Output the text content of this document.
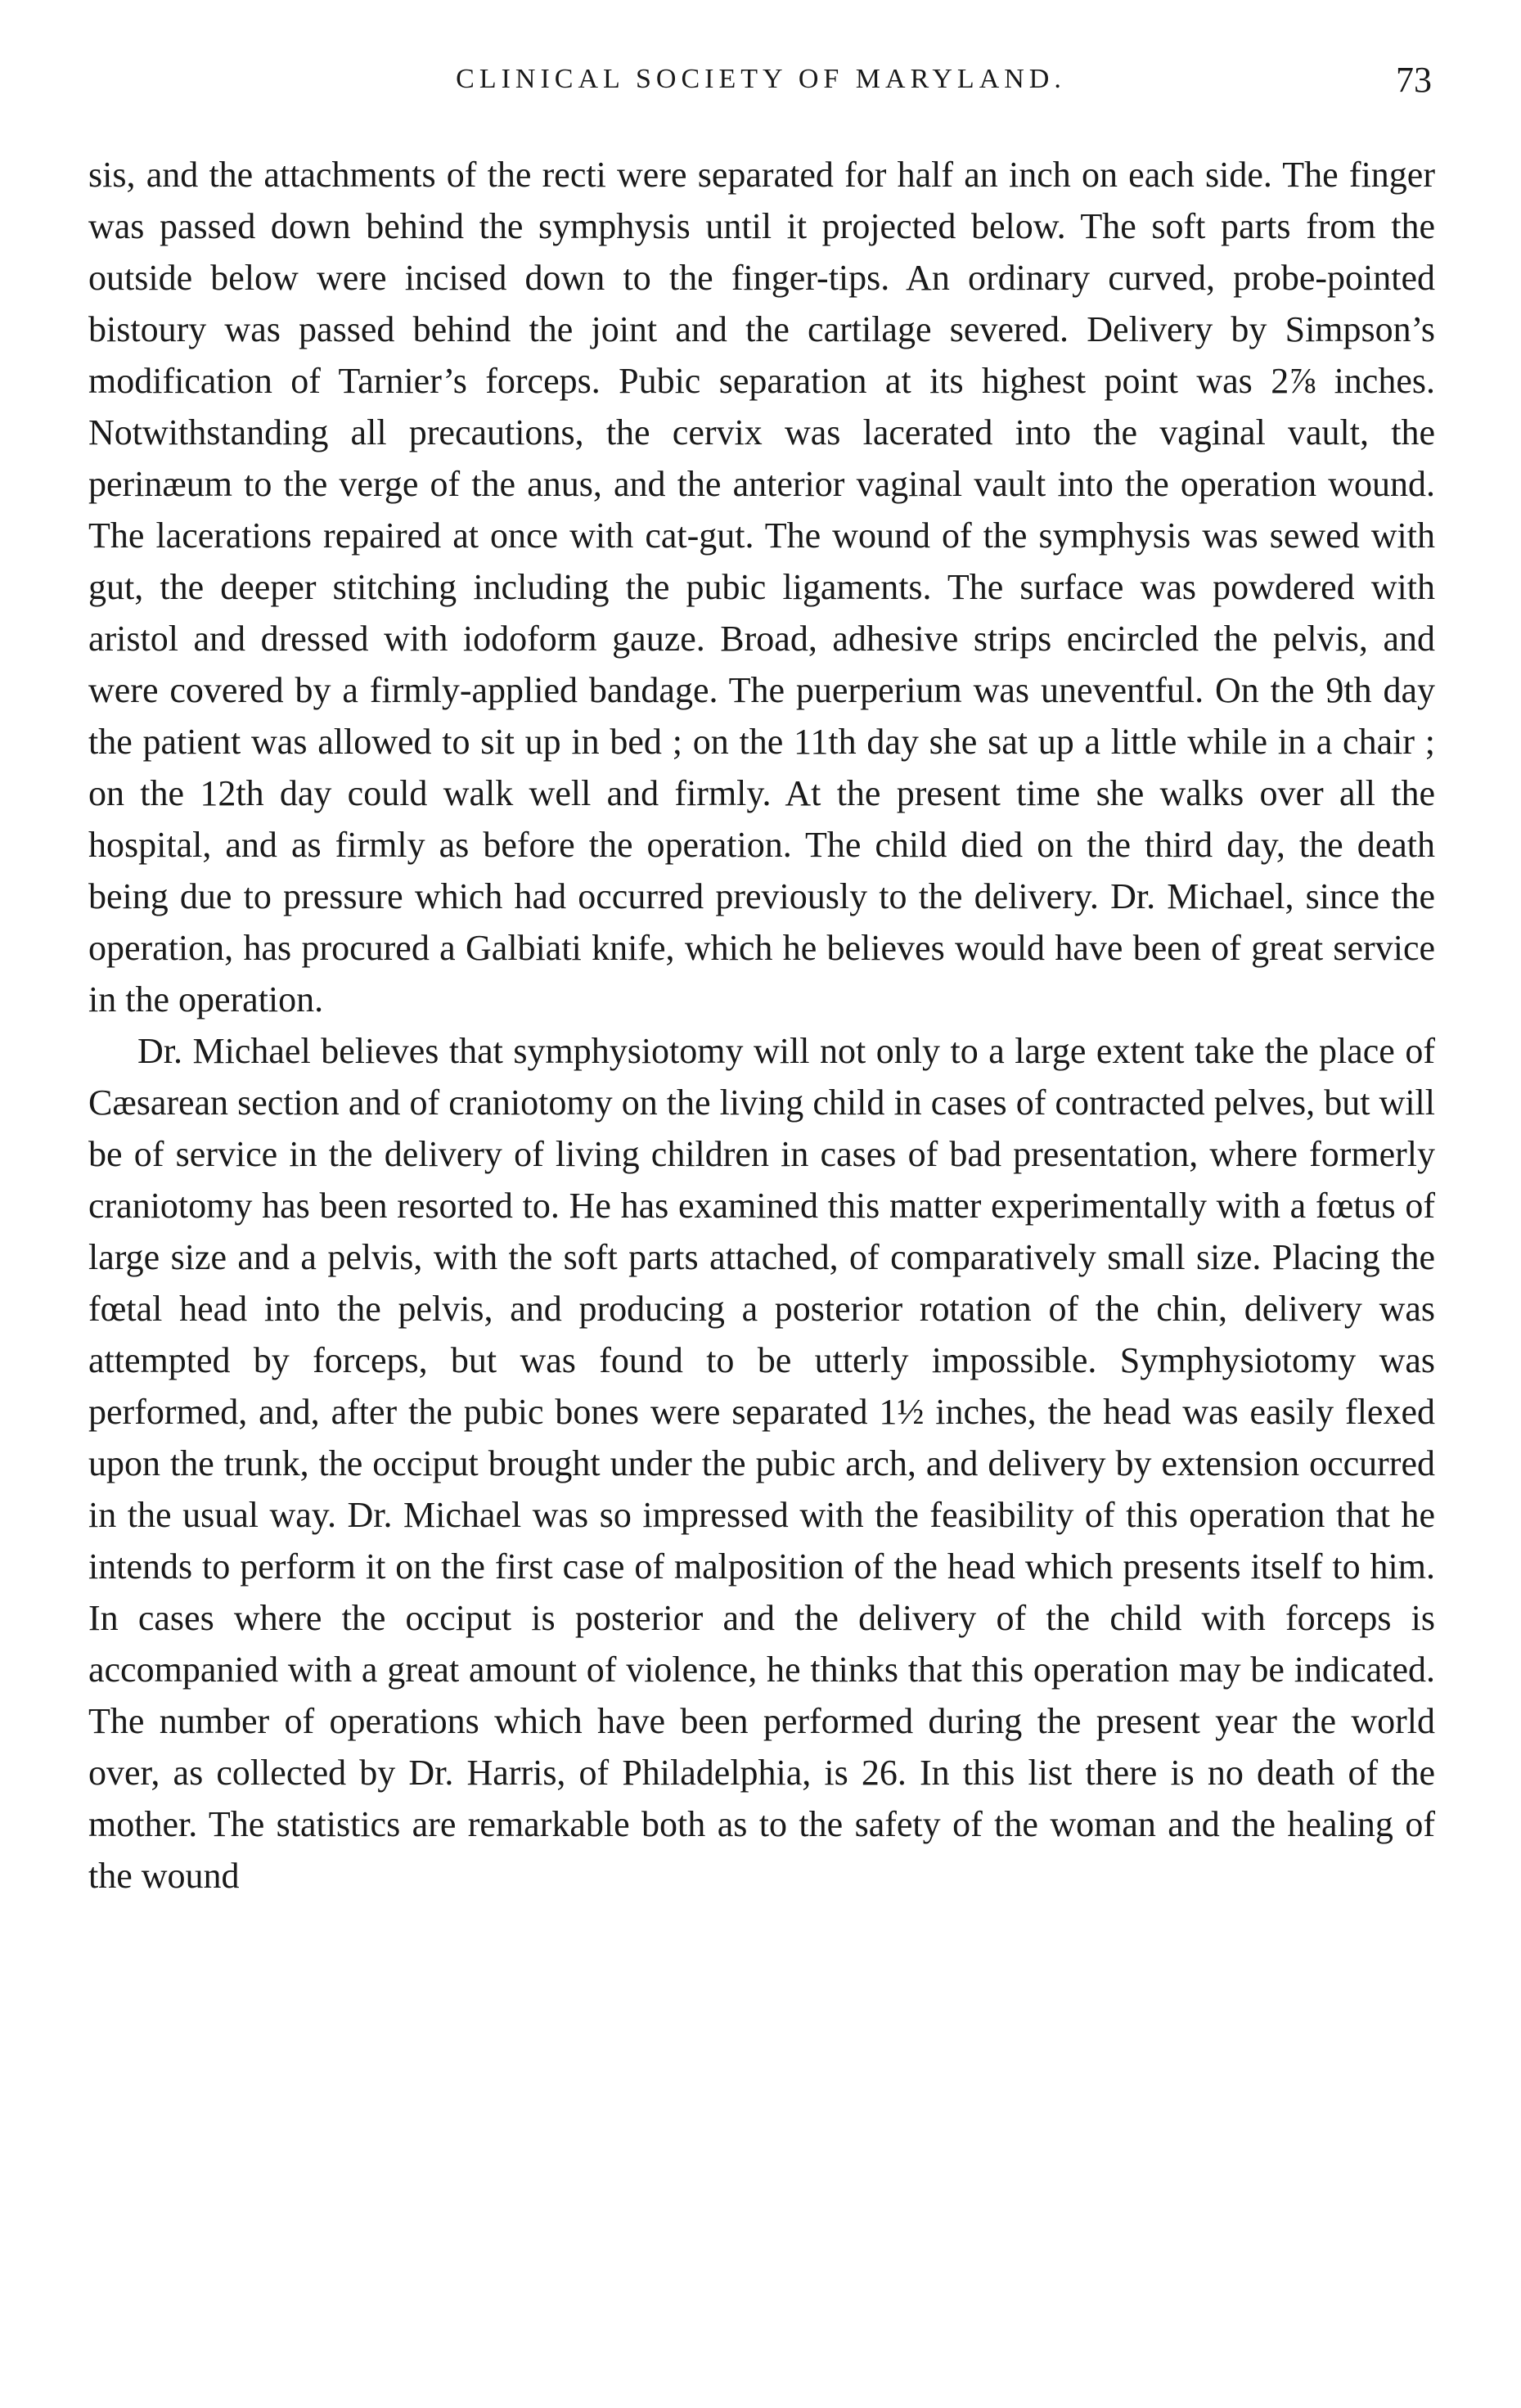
CLINICAL SOCIETY OF MARYLAND.	73

sis, and the attachments of the recti were separated for half an inch on each side. The finger was passed down behind the symphysis until it projected below. The soft parts from the outside below were incised down to the finger-tips. An ordinary curved, probe-pointed bistoury was passed behind the joint and the cartilage severed. Delivery by Simpson’s modification of Tarnier’s forceps. Pubic separation at its highest point was 2⅞ inches. Notwithstanding all precautions, the cervix was lacerated into the vaginal vault, the perinæum to the verge of the anus, and the anterior vaginal vault into the operation wound. The lacerations repaired at once with cat-gut. The wound of the symphysis was sewed with gut, the deeper stitching including the pubic ligaments. The surface was powdered with aristol and dressed with iodoform gauze. Broad, adhesive strips encircled the pelvis, and were covered by a firmly-applied bandage. The puerperium was uneventful. On the 9th day the patient was allowed to sit up in bed ; on the 11th day she sat up a little while in a chair ; on the 12th day could walk well and firmly. At the present time she walks over all the hospital, and as firmly as before the operation. The child died on the third day, the death being due to pressure which had occurred previously to the delivery. Dr. Michael, since the operation, has procured a Galbiati knife, which he believes would have been of great service in the operation.

Dr. Michael believes that symphysiotomy will not only to a large extent take the place of Cæsarean section and of craniotomy on the living child in cases of contracted pelves, but will be of service in the delivery of living children in cases of bad presentation, where formerly craniotomy has been resorted to. He has examined this matter experimentally with a fœtus of large size and a pelvis, with the soft parts attached, of comparatively small size. Placing the fœtal head into the pelvis, and producing a posterior rotation of the chin, delivery was attempted by forceps, but was found to be utterly impossible. Symphysiotomy was performed, and, after the pubic bones were separated 1½ inches, the head was easily flexed upon the trunk, the occiput brought under the pubic arch, and delivery by extension occurred in the usual way. Dr. Michael was so impressed with the feasibility of this operation that he intends to perform it on the first case of malposition of the head which presents itself to him. In cases where the occiput is posterior and the delivery of the child with forceps is accompanied with a great amount of violence, he thinks that this operation may be indicated. The number of operations which have been performed during the present year the world over, as collected by Dr. Harris, of Philadelphia, is 26. In this list there is no death of the mother. The statistics are remarkable both as to the safety of the woman and the healing of the wound
